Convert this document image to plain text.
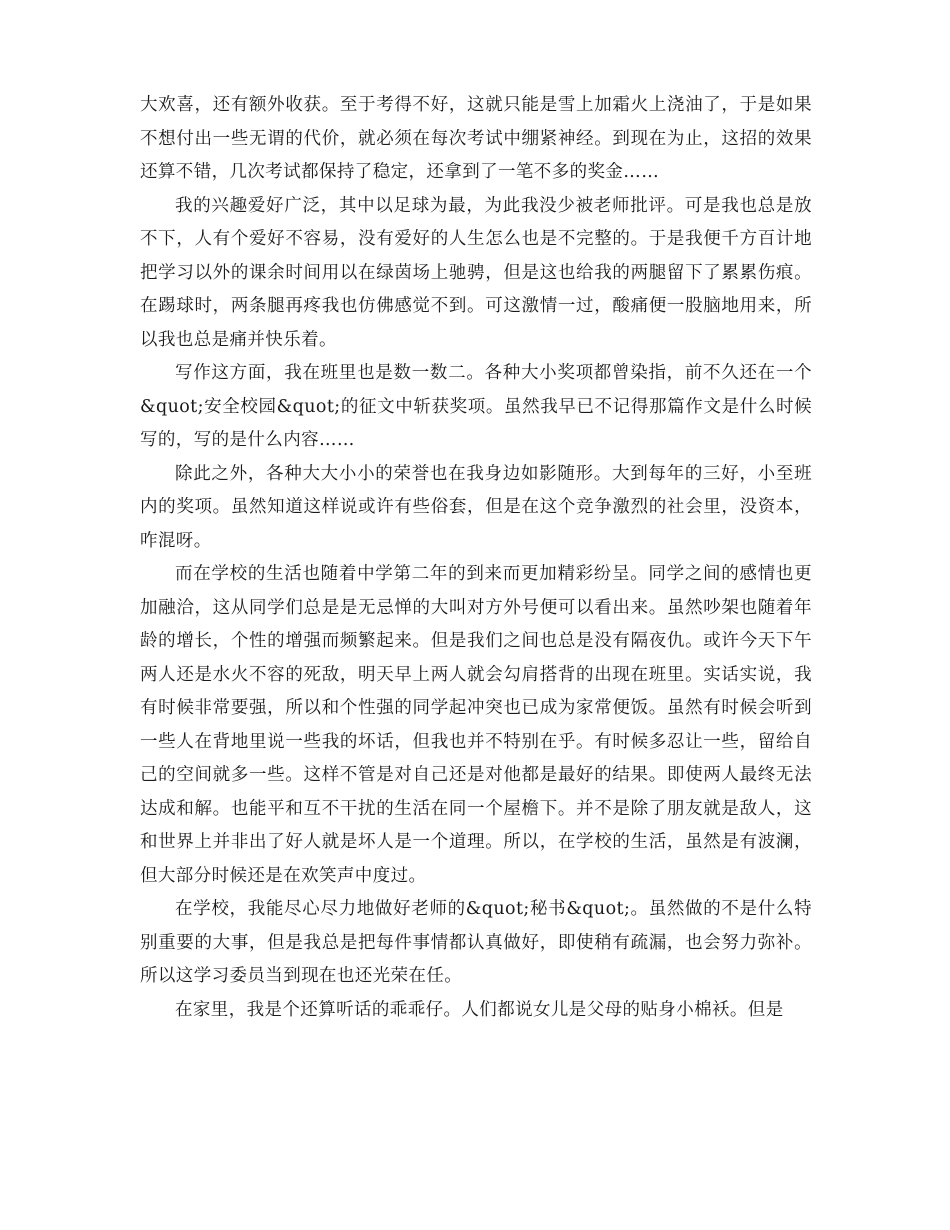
大欢喜，还有额外收获。至于考得不好，这就只能是雪上加霜火上浇油了，于是如果不想付出一些无谓的代价，就必须在每次考试中绷紧神经。到现在为止，这招的效果还算不错，几次考试都保持了稳定，还拿到了一笔不多的奖金……

我的兴趣爱好广泛，其中以足球为最，为此我没少被老师批评。可是我也总是放不下，人有个爱好不容易，没有爱好的人生怎么也是不完整的。于是我便千方百计地把学习以外的课余时间用以在绿茵场上驰骋，但是这也给我的两腿留下了累累伤痕。在踢球时，两条腿再疼我也仿佛感觉不到。可这激情一过，酸痛便一股脑地用来，所以我也总是痛并快乐着。

写作这方面，我在班里也是数一数二。各种大小奖项都曾染指，前不久还在一个&quot;安全校园&quot;的征文中斩获奖项。虽然我早已不记得那篇作文是什么时候写的，写的是什么内容……

除此之外，各种大大小小的荣誉也在我身边如影随形。大到每年的三好，小至班内的奖项。虽然知道这样说或许有些俗套，但是在这个竞争激烈的社会里，没资本，咋混呀。

而在学校的生活也随着中学第二年的到来而更加精彩纷呈。同学之间的感情也更加融洽，这从同学们总是是无忌惮的大叫对方外号便可以看出来。虽然吵架也随着年龄的增长，个性的增强而频繁起来。但是我们之间也总是没有隔夜仇。或许今天下午两人还是水火不容的死敌，明天早上两人就会勾肩搭背的出现在班里。实话实说，我有时候非常要强，所以和个性强的同学起冲突也已成为家常便饭。虽然有时候会听到一些人在背地里说一些我的坏话，但我也并不特别在乎。有时候多忍让一些，留给自己的空间就多一些。这样不管是对自己还是对他都是最好的结果。即使两人最终无法达成和解。也能平和互不干扰的生活在同一个屋檐下。并不是除了朋友就是敌人，这和世界上并非出了好人就是坏人是一个道理。所以，在学校的生活，虽然是有波澜，但大部分时候还是在欢笑声中度过。

在学校，我能尽心尽力地做好老师的&quot;秘书&quot;。虽然做的不是什么特别重要的大事，但是我总是把每件事情都认真做好，即使稍有疏漏，也会努力弥补。所以这学习委员当到现在也还光荣在任。

在家里，我是个还算听话的乖乖仔。人们都说女儿是父母的贴身小棉袄。但是
